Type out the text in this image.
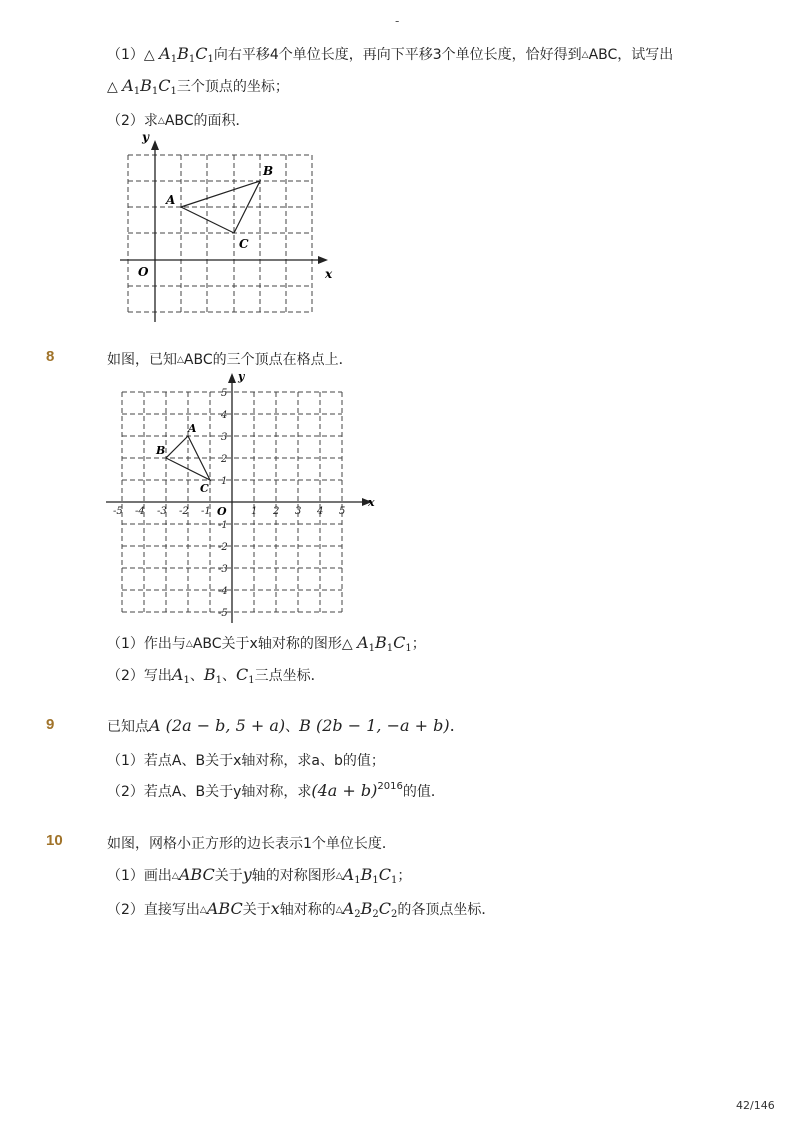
-
（1）△ $A_1B_1C_1$向右平移4个单位长度，再向下平移3个单位长度，恰好得到△ABC，试写出
△ $A_1B_1C_1$三个顶点的坐标；
（2）求△ABC的面积．
y
x
O
A
B
C
8	如图，已知△ABC的三个顶点在格点上．
-5 -4 -3 -2 -1	1 2 3 4 5
5
4
3
2
1
-1
-2
-3
-4
-5
y
x
O
A
B
C
（1）作出与△ABC关于x轴对称的图形△ $A_1B_1C_1$；
（2）写出$A_1$、$B_1$、$C_1$三点坐标．
9	已知点A (2a − b, 5 + a)、B (2b − 1, −a + b).
（1）若点A、B关于x轴对称，求a、b的值；
（2）若点A、B关于y轴对称，求$(4a + b)^{2016}$的值．
10	如图，网格小正方形的边长表示1个单位长度．
（1）画出△ABC关于y轴的对称图形$\triangle A_1B_1C_1$；
（2）直接写出△ABC关于x轴对称的$\triangle A_2B_2C_2$的各顶点坐标．
42/146
